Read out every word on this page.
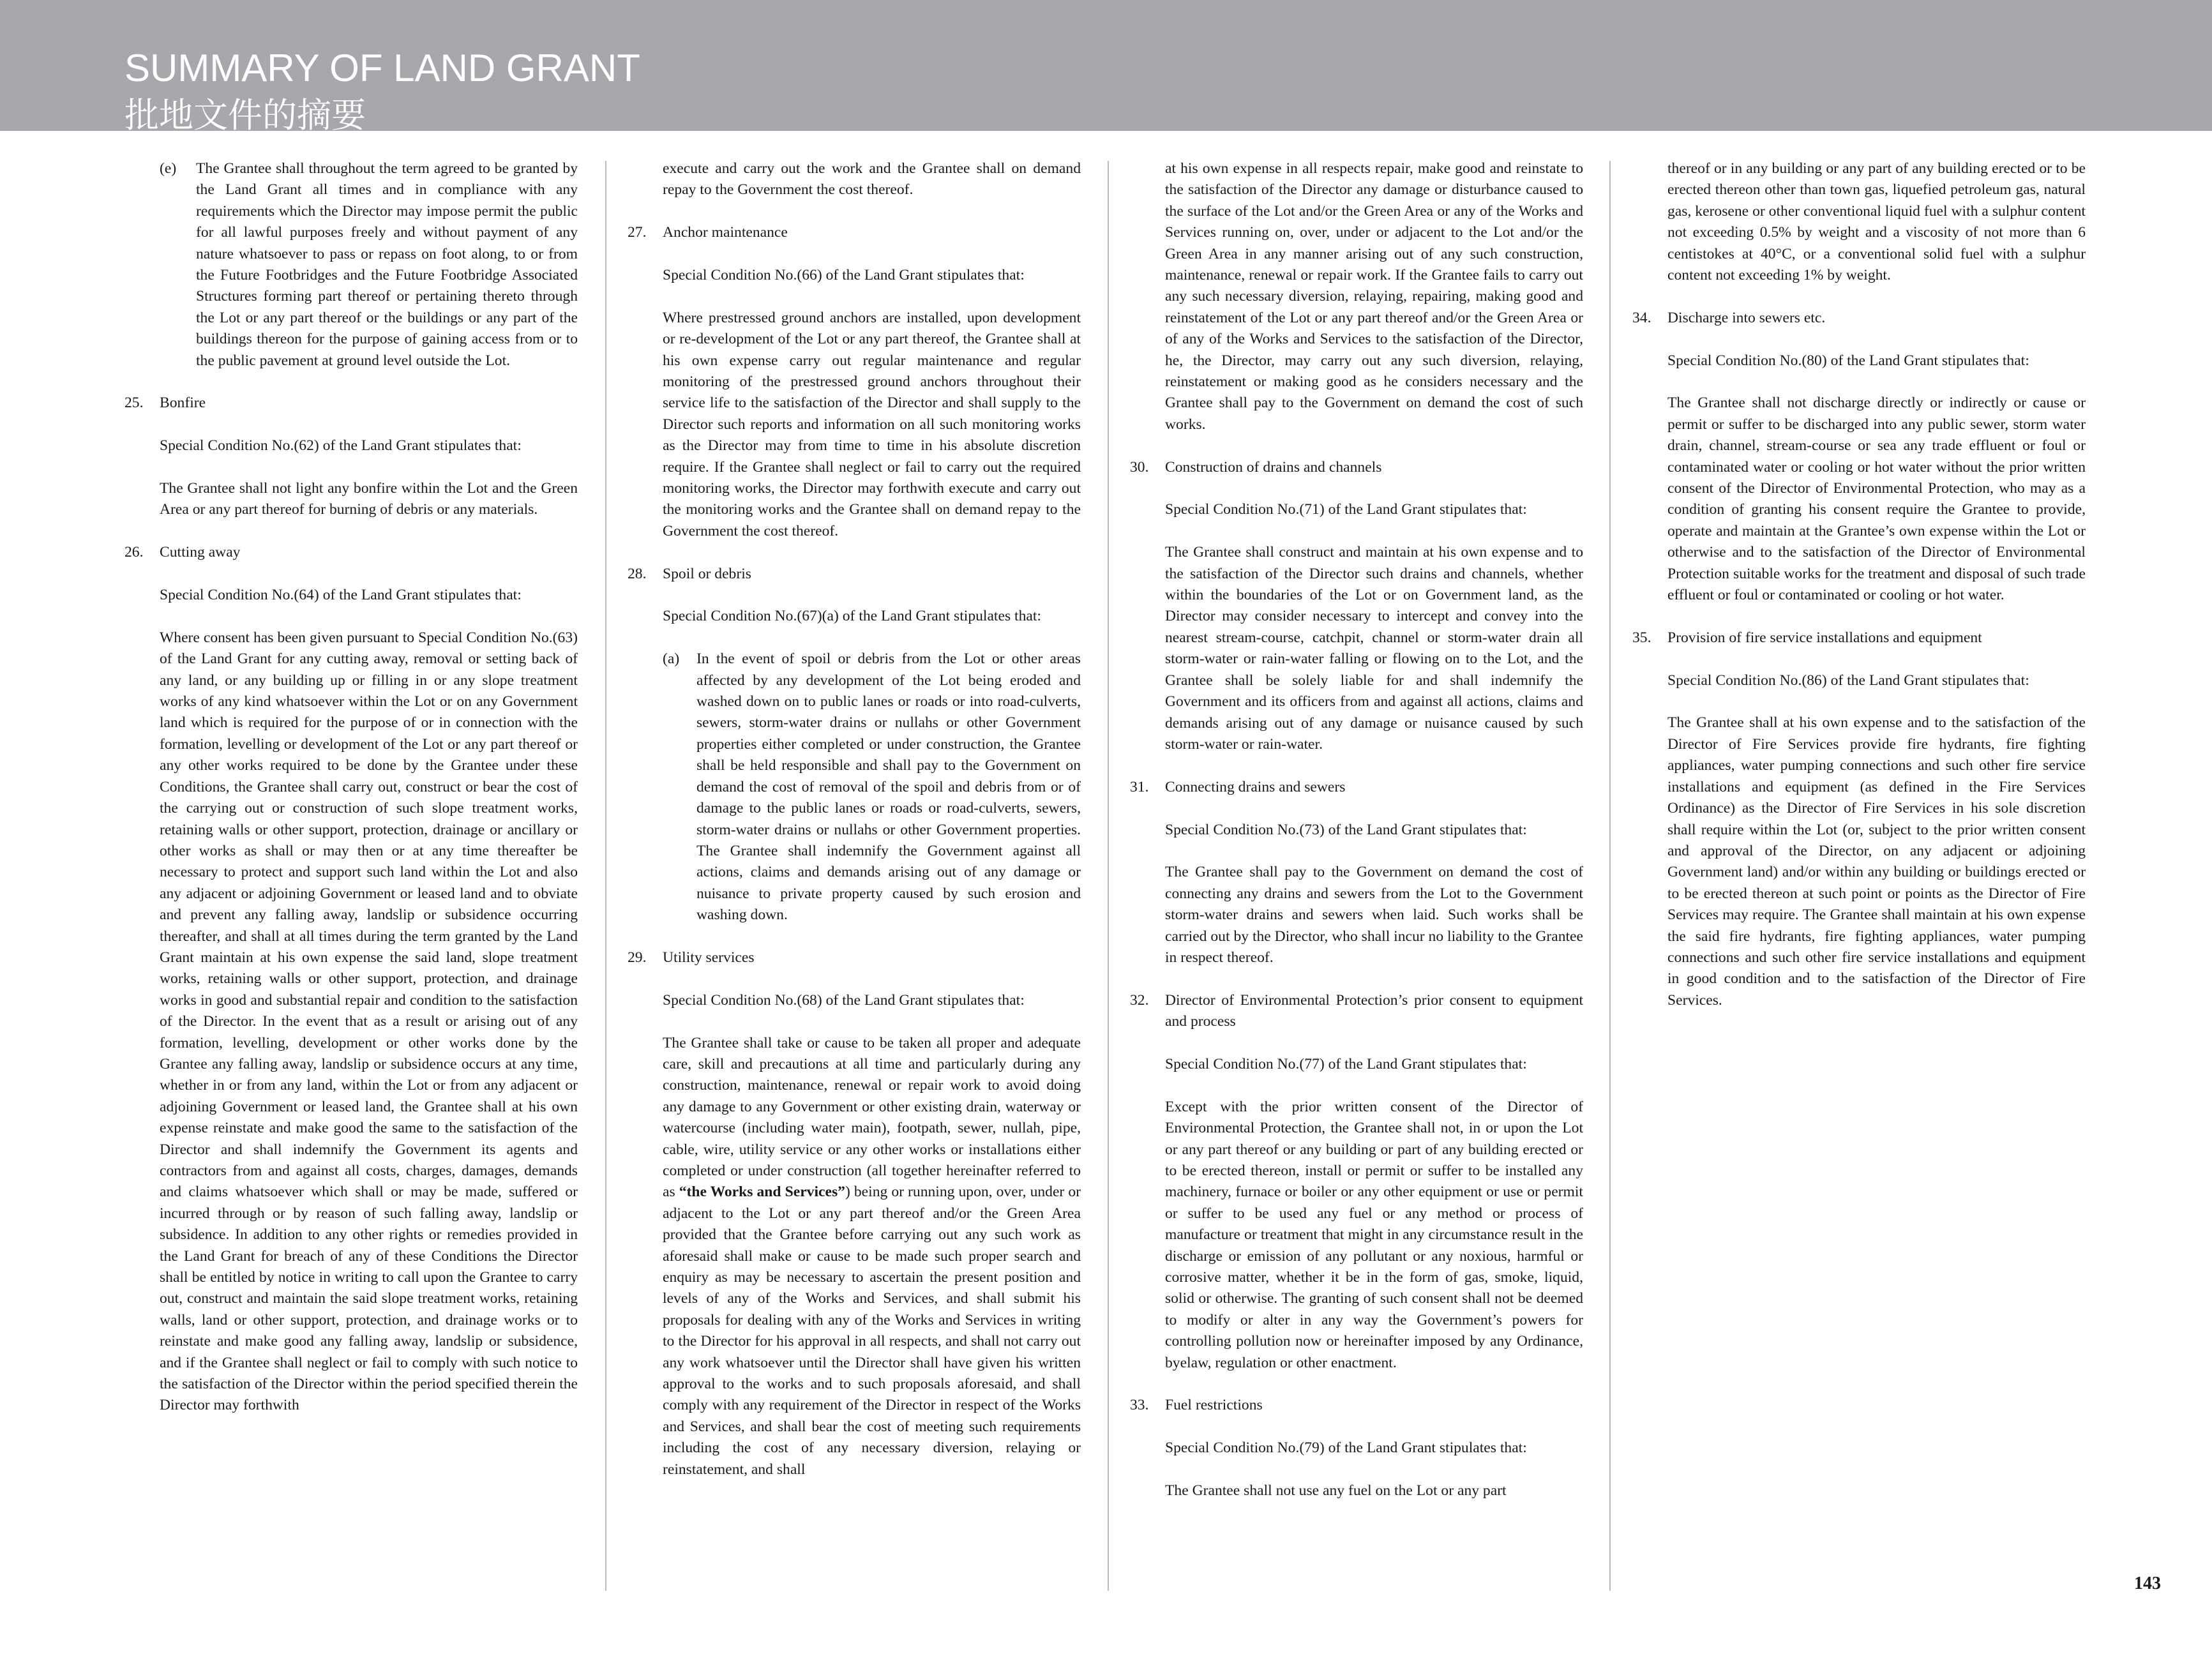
SUMMARY OF LAND GRANT
批地文件的摘要

(e) The Grantee shall throughout the term agreed to be granted by the Land Grant all times and in compliance with any requirements which the Director may impose permit the public for all lawful purposes freely and without payment of any nature whatsoever to pass or repass on foot along, to or from the Future Footbridges and the Future Footbridge Associated Structures forming part thereof or pertaining thereto through the Lot or any part thereof or the buildings or any part of the buildings thereon for the purpose of gaining access from or to the public pavement at ground level outside the Lot.

25. Bonfire

Special Condition No.(62) of the Land Grant stipulates that:

The Grantee shall not light any bonfire within the Lot and the Green Area or any part thereof for burning of debris or any materials.

26. Cutting away

Special Condition No.(64) of the Land Grant stipulates that:

Where consent has been given pursuant to Special Condition No.(63) of the Land Grant for any cutting away, removal or setting back of any land, or any building up or filling in or any slope treatment works of any kind whatsoever within the Lot or on any Government land which is required for the purpose of or in connection with the formation, levelling or development of the Lot or any part thereof or any other works required to be done by the Grantee under these Conditions, the Grantee shall carry out, construct or bear the cost of the carrying out or construction of such slope treatment works, retaining walls or other support, protection, drainage or ancillary or other works as shall or may then or at any time thereafter be necessary to protect and support such land within the Lot and also any adjacent or adjoining Government or leased land and to obviate and prevent any falling away, landslip or subsidence occurring thereafter, and shall at all times during the term granted by the Land Grant maintain at his own expense the said land, slope treatment works, retaining walls or other support, protection, and drainage works in good and substantial repair and condition to the satisfaction of the Director. In the event that as a result or arising out of any formation, levelling, development or other works done by the Grantee any falling away, landslip or subsidence occurs at any time, whether in or from any land, within the Lot or from any adjacent or adjoining Government or leased land, the Grantee shall at his own expense reinstate and make good the same to the satisfaction of the Director and shall indemnify the Government its agents and contractors from and against all costs, charges, damages, demands and claims whatsoever which shall or may be made, suffered or incurred through or by reason of such falling away, landslip or subsidence. In addition to any other rights or remedies provided in the Land Grant for breach of any of these Conditions the Director shall be entitled by notice in writing to call upon the Grantee to carry out, construct and maintain the said slope treatment works, retaining walls, land or other support, protection, and drainage works or to reinstate and make good any falling away, landslip or subsidence, and if the Grantee shall neglect or fail to comply with such notice to the satisfaction of the Director within the period specified therein the Director may forthwith

execute and carry out the work and the Grantee shall on demand repay to the Government the cost thereof.

27. Anchor maintenance

Special Condition No.(66) of the Land Grant stipulates that:

Where prestressed ground anchors are installed, upon development or re-development of the Lot or any part thereof, the Grantee shall at his own expense carry out regular maintenance and regular monitoring of the prestressed ground anchors throughout their service life to the satisfaction of the Director and shall supply to the Director such reports and information on all such monitoring works as the Director may from time to time in his absolute discretion require. If the Grantee shall neglect or fail to carry out the required monitoring works, the Director may forthwith execute and carry out the monitoring works and the Grantee shall on demand repay to the Government the cost thereof.

28. Spoil or debris

Special Condition No.(67)(a) of the Land Grant stipulates that:

(a) In the event of spoil or debris from the Lot or other areas affected by any development of the Lot being eroded and washed down on to public lanes or roads or into road-culverts, sewers, storm-water drains or nullahs or other Government properties either completed or under construction, the Grantee shall be held responsible and shall pay to the Government on demand the cost of removal of the spoil and debris from or of damage to the public lanes or roads or road-culverts, sewers, storm-water drains or nullahs or other Government properties. The Grantee shall indemnify the Government against all actions, claims and demands arising out of any damage or nuisance to private property caused by such erosion and washing down.

29. Utility services

Special Condition No.(68) of the Land Grant stipulates that:

The Grantee shall take or cause to be taken all proper and adequate care, skill and precautions at all time and particularly during any construction, maintenance, renewal or repair work to avoid doing any damage to any Government or other existing drain, waterway or watercourse (including water main), footpath, sewer, nullah, pipe, cable, wire, utility service or any other works or installations either completed or under construction (all together hereinafter referred to as “the Works and Services”) being or running upon, over, under or adjacent to the Lot or any part thereof and/or the Green Area provided that the Grantee before carrying out any such work as aforesaid shall make or cause to be made such proper search and enquiry as may be necessary to ascertain the present position and levels of any of the Works and Services, and shall submit his proposals for dealing with any of the Works and Services in writing to the Director for his approval in all respects, and shall not carry out any work whatsoever until the Director shall have given his written approval to the works and to such proposals aforesaid, and shall comply with any requirement of the Director in respect of the Works and Services, and shall bear the cost of meeting such requirements including the cost of any necessary diversion, relaying or reinstatement, and shall

at his own expense in all respects repair, make good and reinstate to the satisfaction of the Director any damage or disturbance caused to the surface of the Lot and/or the Green Area or any of the Works and Services running on, over, under or adjacent to the Lot and/or the Green Area in any manner arising out of any such construction, maintenance, renewal or repair work. If the Grantee fails to carry out any such necessary diversion, relaying, repairing, making good and reinstatement of the Lot or any part thereof and/or the Green Area or of any of the Works and Services to the satisfaction of the Director, he, the Director, may carry out any such diversion, relaying, reinstatement or making good as he considers necessary and the Grantee shall pay to the Government on demand the cost of such works.

30. Construction of drains and channels

Special Condition No.(71) of the Land Grant stipulates that:

The Grantee shall construct and maintain at his own expense and to the satisfaction of the Director such drains and channels, whether within the boundaries of the Lot or on Government land, as the Director may consider necessary to intercept and convey into the nearest stream-course, catchpit, channel or storm-water drain all storm-water or rain-water falling or flowing on to the Lot, and the Grantee shall be solely liable for and shall indemnify the Government and its officers from and against all actions, claims and demands arising out of any damage or nuisance caused by such storm-water or rain-water.

31. Connecting drains and sewers

Special Condition No.(73) of the Land Grant stipulates that:

The Grantee shall pay to the Government on demand the cost of connecting any drains and sewers from the Lot to the Government storm-water drains and sewers when laid. Such works shall be carried out by the Director, who shall incur no liability to the Grantee in respect thereof.

32. Director of Environmental Protection’s prior consent to equipment and process

Special Condition No.(77) of the Land Grant stipulates that:

Except with the prior written consent of the Director of Environmental Protection, the Grantee shall not, in or upon the Lot or any part thereof or any building or part of any building erected or to be erected thereon, install or permit or suffer to be installed any machinery, furnace or boiler or any other equipment or use or permit or suffer to be used any fuel or any method or process of manufacture or treatment that might in any circumstance result in the discharge or emission of any pollutant or any noxious, harmful or corrosive matter, whether it be in the form of gas, smoke, liquid, solid or otherwise. The granting of such consent shall not be deemed to modify or alter in any way the Government’s powers for controlling pollution now or hereinafter imposed by any Ordinance, byelaw, regulation or other enactment.

33. Fuel restrictions

Special Condition No.(79) of the Land Grant stipulates that:

The Grantee shall not use any fuel on the Lot or any part

thereof or in any building or any part of any building erected or to be erected thereon other than town gas, liquefied petroleum gas, natural gas, kerosene or other conventional liquid fuel with a sulphur content not exceeding 0.5% by weight and a viscosity of not more than 6 centistokes at 40°C, or a conventional solid fuel with a sulphur content not exceeding 1% by weight.

34. Discharge into sewers etc.

Special Condition No.(80) of the Land Grant stipulates that:

The Grantee shall not discharge directly or indirectly or cause or permit or suffer to be discharged into any public sewer, storm water drain, channel, stream-course or sea any trade effluent or foul or contaminated water or cooling or hot water without the prior written consent of the Director of Environmental Protection, who may as a condition of granting his consent require the Grantee to provide, operate and maintain at the Grantee’s own expense within the Lot or otherwise and to the satisfaction of the Director of Environmental Protection suitable works for the treatment and disposal of such trade effluent or foul or contaminated or cooling or hot water.

35. Provision of fire service installations and equipment

Special Condition No.(86) of the Land Grant stipulates that:

The Grantee shall at his own expense and to the satisfaction of the Director of Fire Services provide fire hydrants, fire fighting appliances, water pumping connections and such other fire service installations and equipment (as defined in the Fire Services Ordinance) as the Director of Fire Services in his sole discretion shall require within the Lot (or, subject to the prior written consent and approval of the Director, on any adjacent or adjoining Government land) and/or within any building or buildings erected or to be erected thereon at such point or points as the Director of Fire Services may require. The Grantee shall maintain at his own expense the said fire hydrants, fire fighting appliances, water pumping connections and such other fire service installations and equipment in good condition and to the satisfaction of the Director of Fire Services.

143
